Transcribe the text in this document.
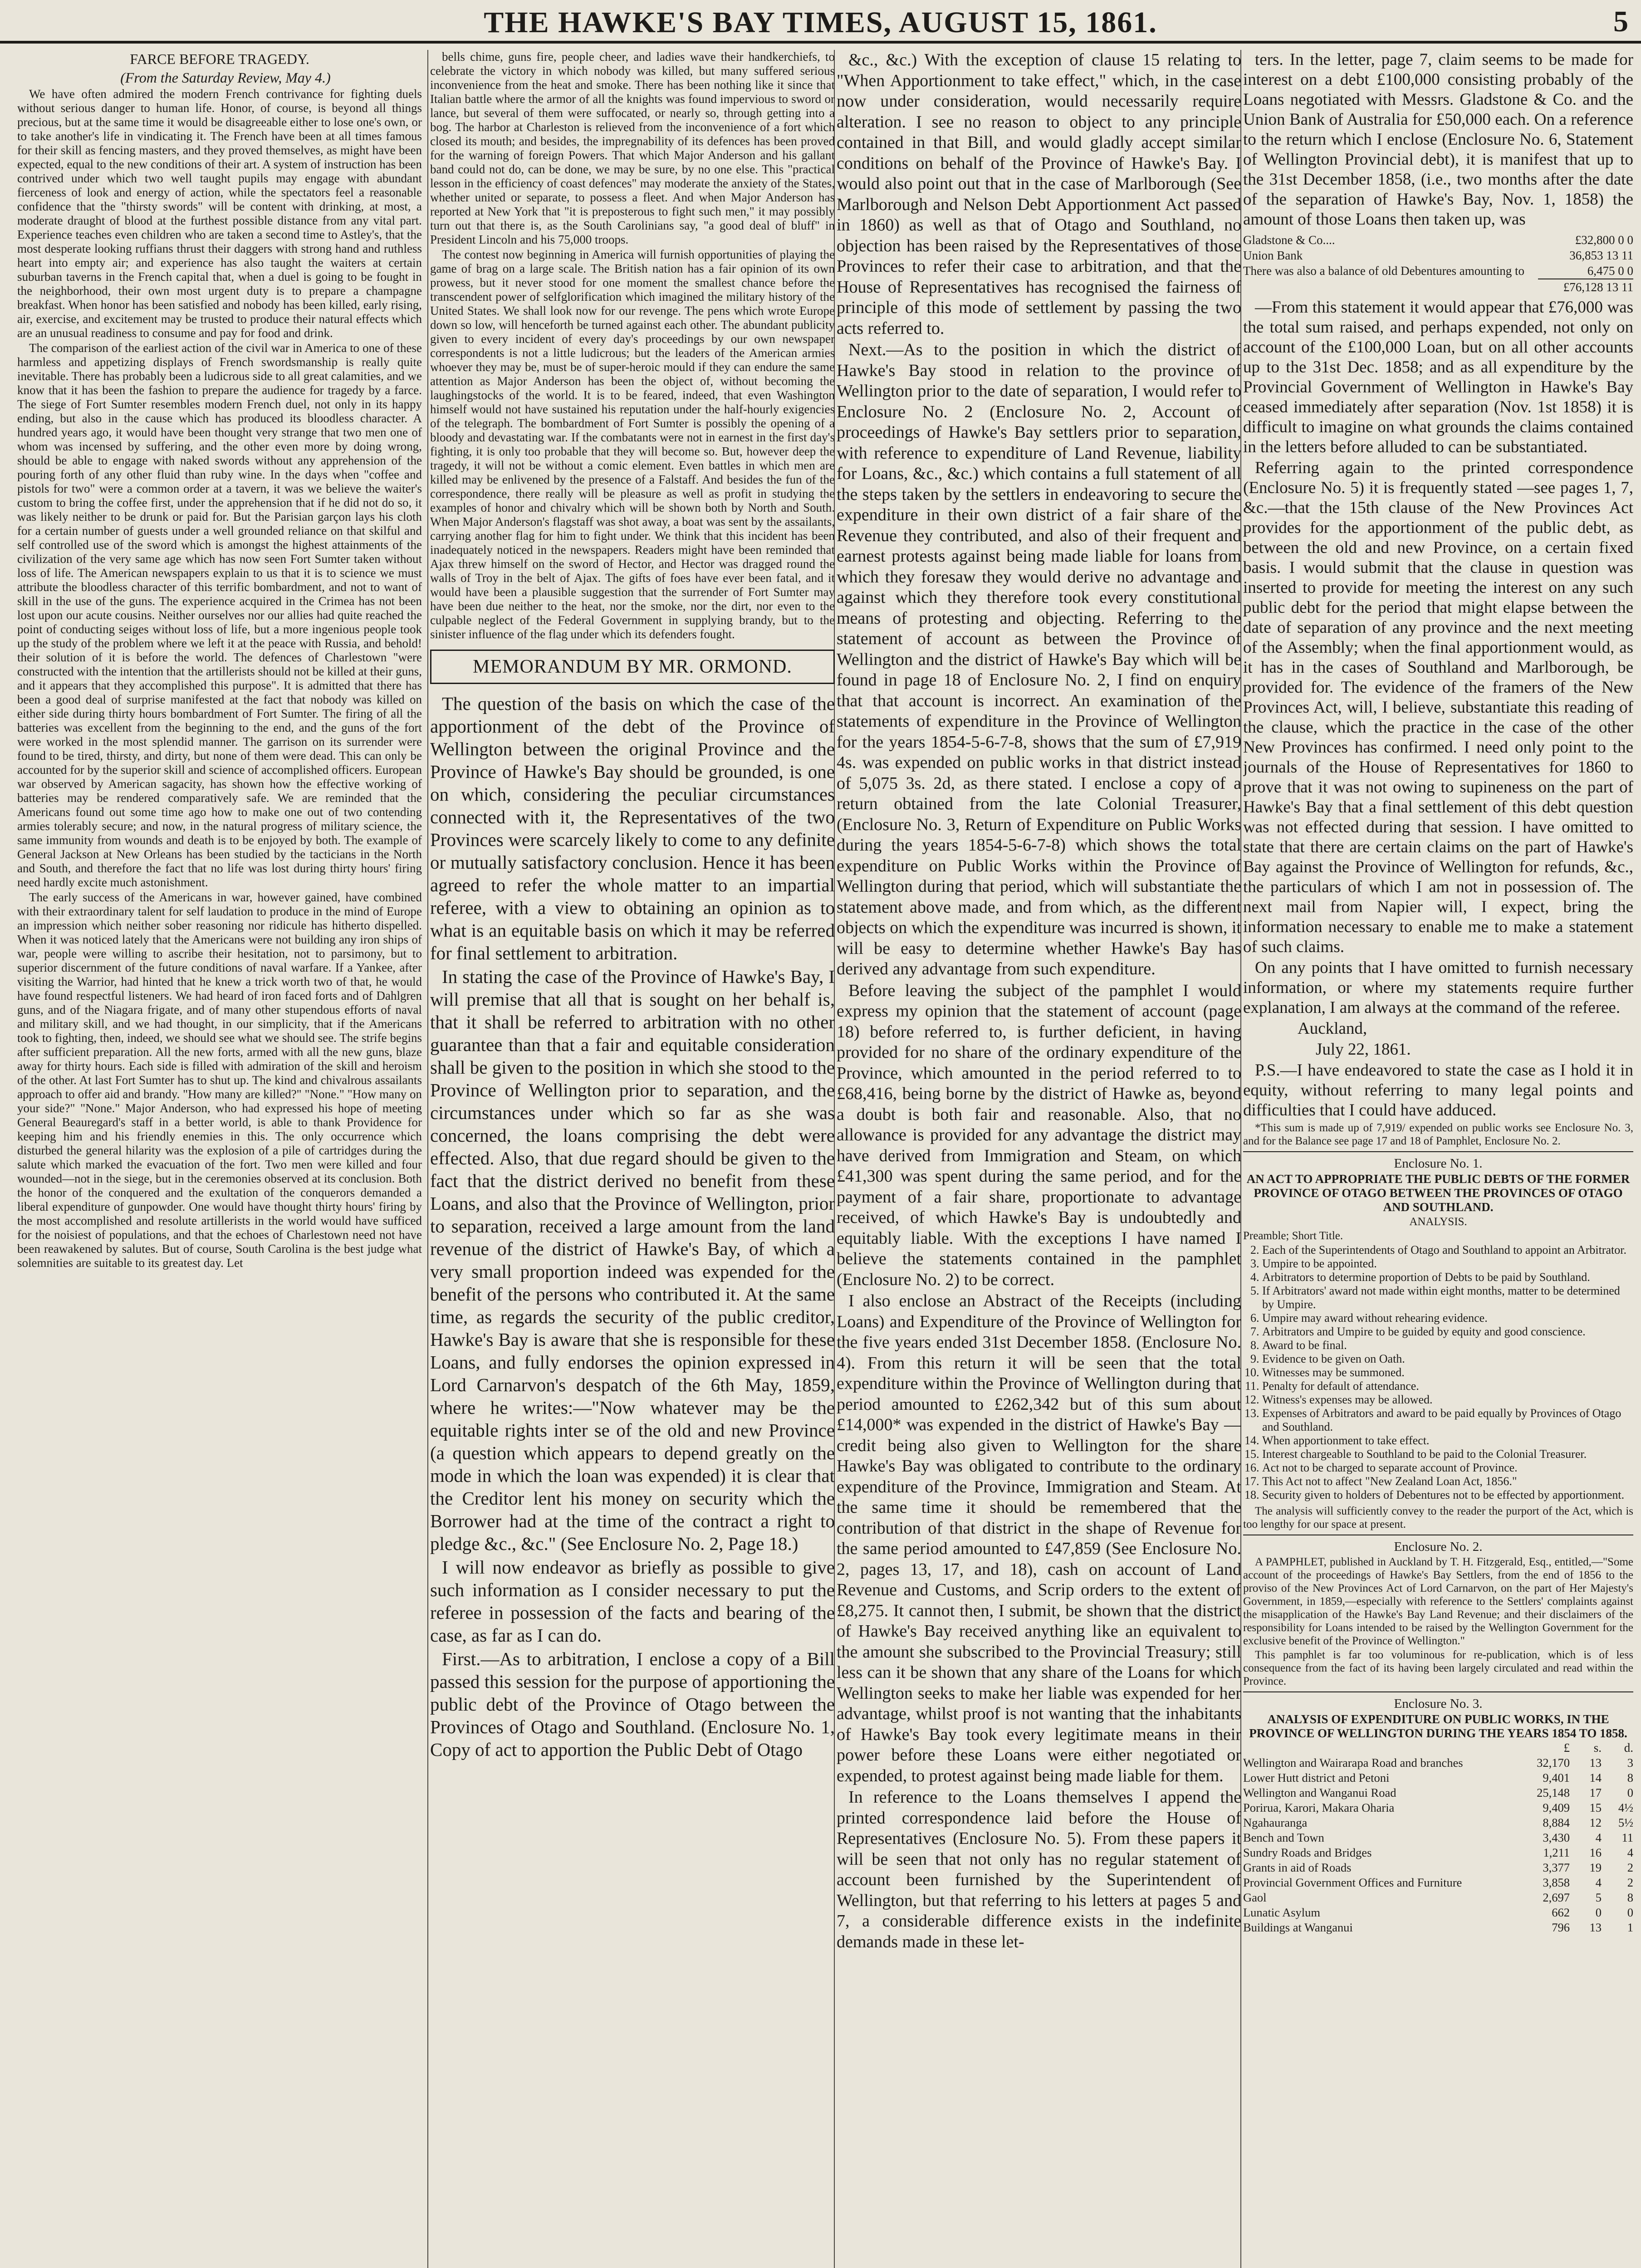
THE HAWKE'S BAY TIMES, AUGUST 15, 1861.	5

FARCE BEFORE TRAGEDY.

(From the Saturday Review, May 4.)

We have often admired the modern French contrivance for fighting duels without serious danger to human life. Honor, of course, is beyond all things precious, but at the same time it would be disagreeable either to lose one's own, or to take another's life in vindicating it. The French have been at all times famous for their skill as fencing masters, and they proved themselves, as might have been expected, equal to the new conditions of their art. A system of instruction has been contrived under which two well taught pupils may engage with abundant fierceness of look and energy of action, while the spectators feel a reasonable confidence that the "thirsty swords" will be content with drinking, at most, a moderate draught of blood at the furthest possible distance from any vital part. Experience teaches even children who are taken a second time to Astley's, that the most desperate looking ruffians thrust their daggers with strong hand and ruthless heart into empty air; and experience has also taught the waiters at certain suburban taverns in the French capital that, when a duel is going to be fought in the neighborhood, their own most urgent duty is to prepare a champagne breakfast. When honor has been satisfied and nobody has been killed, early rising, air, exercise, and excitement may be trusted to produce their natural effects which are an unusual readiness to consume and pay for food and drink.

The comparison of the earliest action of the civil war in America to one of these harmless and appetizing displays of French swordsmanship is really quite inevitable. There has probably been a ludicrous side to all great calamities, and we know that it has been the fashion to prepare the audience for tragedy by a farce. The siege of Fort Sumter resembles modern French duel, not only in its happy ending, but also in the cause which has produced its bloodless character. A hundred years ago, it would have been thought very strange that two men one of whom was incensed by suffering, and the other even more by doing wrong, should be able to engage with naked swords without any apprehension of the pouring forth of any other fluid than ruby wine. In the days when "coffee and pistols for two" were a common order at a tavern, it was we believe the waiter's custom to bring the coffee first, under the apprehension that if he did not do so, it was likely neither to be drunk or paid for. But the Parisian garçon lays his cloth for a certain number of guests under a well grounded reliance on that skilful and self controlled use of the sword which is amongst the highest attainments of the civilization of the very same age which has now seen Fort Sumter taken without loss of life. The American newspapers explain to us that it is to science we must attribute the bloodless character of this terrific bombardment, and not to want of skill in the use of the guns. The experience acquired in the Crimea has not been lost upon our acute cousins. Neither ourselves nor our allies had quite reached the point of conducting seiges without loss of life, but a more ingenious people took up the study of the problem where we left it at the peace with Russia, and behold! their solution of it is before the world. The defences of Charlestown "were constructed with the intention that the artillerists should not be killed at their guns, and it appears that they accomplished this purpose". It is admitted that there has been a good deal of surprise manifested at the fact that nobody was killed on either side during thirty hours bombardment of Fort Sumter. The firing of all the batteries was excellent from the beginning to the end, and the guns of the fort were worked in the most splendid manner. The garrison on its surrender were found to be tired, thirsty, and dirty, but none of them were dead. This can only be accounted for by the superior skill and science of accomplished officers. European war observed by American sagacity, has shown how the effective working of batteries may be rendered comparatively safe. We are reminded that the Americans found out some time ago how to make one out of two contending armies tolerably secure; and now, in the natural progress of military science, the same immunity from wounds and death is to be enjoyed by both. The example of General Jackson at New Orleans has been studied by the tacticians in the North and South, and therefore the fact that no life was lost during thirty hours' firing need hardly excite much astonishment.

The early success of the Americans in war, however gained, have combined with their extraordinary talent for self laudation to produce in the mind of Europe an impression which neither sober reasoning nor ridicule has hitherto dispelled. When it was noticed lately that the Americans were not building any iron ships of war, people were willing to ascribe their hesitation, not to parsimony, but to superior discernment of the future conditions of naval warfare. If a Yankee, after visiting the Warrior, had hinted that he knew a trick worth two of that, he would have found respectful listeners. We had heard of iron faced forts and of Dahlgren guns, and of the Niagara frigate, and of many other stupendous efforts of naval and military skill, and we had thought, in our simplicity, that if the Americans took to fighting, then, indeed, we should see what we should see. The strife begins after sufficient preparation. All the new forts, armed with all the new guns, blaze away for thirty hours. Each side is filled with admiration of the skill and heroism of the other. At last Fort Sumter has to shut up. The kind and chivalrous assailants approach to offer aid and brandy. "How many are killed?" "None." "How many on your side?" "None." Major Anderson, who had expressed his hope of meeting General Beauregard's staff in a better world, is able to thank Providence for keeping him and his friendly enemies in this. The only occurrence which disturbed the general hilarity was the explosion of a pile of cartridges during the salute which marked the evacuation of the fort. Two men were killed and four wounded—not in the siege, but in the ceremonies observed at its conclusion. Both the honor of the conquered and the exultation of the conquerors demanded a liberal expenditure of gunpowder. One would have thought thirty hours' firing by the most accomplished and resolute artillerists in the world would have sufficed for the noisiest of populations, and that the echoes of Charlestown need not have been reawakened by salutes. But of course, South Carolina is the best judge what solemnities are suitable to its greatest day. Let

bells chime, guns fire, people cheer, and ladies wave their handkerchiefs, to celebrate the victory in which nobody was killed, but many suffered serious inconvenience from the heat and smoke. There has been nothing like it since that Italian battle where the armor of all the knights was found impervious to sword or lance, but several of them were suffocated, or nearly so, through getting into a bog. The harbor at Charleston is relieved from the inconvenience of a fort which closed its mouth; and besides, the impregnability of its defences has been proved for the warning of foreign Powers. That which Major Anderson and his gallant band could not do, can be done, we may be sure, by no one else. This "practical lesson in the efficiency of coast defences" may moderate the anxiety of the States, whether united or separate, to possess a fleet. And when Major Anderson has reported at New York that "it is preposterous to fight such men," it may possibly turn out that there is, as the South Carolinians say, "a good deal of bluff" in President Lincoln and his 75,000 troops.

The contest now beginning in America will furnish opportunities of playing the game of brag on a large scale. The British nation has a fair opinion of its own prowess, but it never stood for one moment the smallest chance before the transcendent power of selfglorification which imagined the military history of the United States. We shall look now for our revenge. The pens which wrote Europe down so low, will henceforth be turned against each other. The abundant publicity given to every incident of every day's proceedings by our own newspaper correspondents is not a little ludicrous; but the leaders of the American armies whoever they may be, must be of super-heroic mould if they can endure the same attention as Major Anderson has been the object of, without becoming the laughingstocks of the world. It is to be feared, indeed, that even Washington himself would not have sustained his reputation under the half-hourly exigencies of the telegraph. The bombardment of Fort Sumter is possibly the opening of a bloody and devastating war. If the combatants were not in earnest in the first day's fighting, it is only too probable that they will become so. But, however deep the tragedy, it will not be without a comic element. Even battles in which men are killed may be enlivened by the presence of a Falstaff. And besides the fun of the correspondence, there really will be pleasure as well as profit in studying the examples of honor and chivalry which will be shown both by North and South. When Major Anderson's flagstaff was shot away, a boat was sent by the assailants, carrying another flag for him to fight under. We think that this incident has been inadequately noticed in the newspapers. Readers might have been reminded that Ajax threw himself on the sword of Hector, and Hector was dragged round the walls of Troy in the belt of Ajax. The gifts of foes have ever been fatal, and it would have been a plausible suggestion that the surrender of Fort Sumter may have been due neither to the heat, nor the smoke, nor the dirt, nor even to the culpable neglect of the Federal Government in supplying brandy, but to the sinister influence of the flag under which its defenders fought.

MEMORANDUM BY MR. ORMOND.

The question of the basis on which the case of the apportionment of the debt of the Province of Wellington between the original Province and the Province of Hawke's Bay should be grounded, is one on which, considering the peculiar circumstances connected with it, the Representatives of the two Provinces were scarcely likely to come to any definite or mutually satisfactory conclusion. Hence it has been agreed to refer the whole matter to an impartial referee, with a view to obtaining an opinion as to what is an equitable basis on which it may be referred for final settlement to arbitration.

In stating the case of the Province of Hawke's Bay, I will premise that all that is sought on her behalf is, that it shall be referred to arbitration with no other guarantee than that a fair and equitable consideration shall be given to the position in which she stood to the Province of Wellington prior to separation, and the circumstances under which so far as she was concerned, the loans comprising the debt were effected. Also, that due regard should be given to the fact that the district derived no benefit from these Loans, and also that the Province of Wellington, prior to separation, received a large amount from the land revenue of the district of Hawke's Bay, of which a very small proportion indeed was expended for the benefit of the persons who contributed it. At the same time, as regards the security of the public creditor, Hawke's Bay is aware that she is responsible for these Loans, and fully endorses the opinion expressed in Lord Carnarvon's despatch of the 6th May, 1859, where he writes:—"Now whatever may be the equitable rights inter se of the old and new Province (a question which appears to depend greatly on the mode in which the loan was expended) it is clear that the Creditor lent his money on security which the Borrower had at the time of the contract a right to pledge &c., &c." (See Enclosure No. 2, Page 18.)

I will now endeavor as briefly as possible to give such information as I consider necessary to put the referee in possession of the facts and bearing of the case, as far as I can do.

First.—As to arbitration, I enclose a copy of a Bill passed this session for the purpose of apportioning the public debt of the Province of Otago between the Provinces of Otago and Southland. (Enclosure No. 1, Copy of act to apportion the Public Debt of Otago

&c., &c.) With the exception of clause 15 relating to "When Apportionment to take effect," which, in the case now under consideration, would necessarily require alteration. I see no reason to object to any principle contained in that Bill, and would gladly accept similar conditions on behalf of the Province of Hawke's Bay. I would also point out that in the case of Marlborough (See Marlborough and Nelson Debt Apportionment Act passed in 1860) as well as that of Otago and Southland, no objection has been raised by the Representatives of those Provinces to refer their case to arbitration, and that the House of Representatives has recognised the fairness of principle of this mode of settlement by passing the two acts referred to.

Next.—As to the position in which the district of Hawke's Bay stood in relation to the province of Wellington prior to the date of separation, I would refer to Enclosure No. 2 (Enclosure No. 2, Account of proceedings of Hawke's Bay settlers prior to separation, with reference to expenditure of Land Revenue, liability for Loans, &c., &c.) which contains a full statement of all the steps taken by the settlers in endeavoring to secure the expenditure in their own district of a fair share of the Revenue they contributed, and also of their frequent and earnest protests against being made liable for loans from which they foresaw they would derive no advantage and against which they therefore took every constitutional means of protesting and objecting. Referring to the statement of account as between the Province of Wellington and the district of Hawke's Bay which will be found in page 18 of Enclosure No. 2, I find on enquiry that that account is incorrect. An examination of the statements of expenditure in the Province of Wellington for the years 1854-5-6-7-8, shows that the sum of £7,919 4s. was expended on public works in that district instead of 5,075 3s. 2d, as there stated. I enclose a copy of a return obtained from the late Colonial Treasurer, (Enclosure No. 3, Return of Expenditure on Public Works during the years 1854-5-6-7-8) which shows the total expenditure on Public Works within the Province of Wellington during that period, which will substantiate the statement above made, and from which, as the different objects on which the expenditure was incurred is shown, it will be easy to determine whether Hawke's Bay has derived any advantage from such expenditure.

Before leaving the subject of the pamphlet I would express my opinion that the statement of account (page 18) before referred to, is further deficient, in having provided for no share of the ordinary expenditure of the Province, which amounted in the period referred to to £68,416, being borne by the district of Hawke as, beyond a doubt is both fair and reasonable. Also, that no allowance is provided for any advantage the district may have derived from Immigration and Steam, on which £41,300 was spent during the same period, and for the payment of a fair share, proportionate to advantage received, of which Hawke's Bay is undoubtedly and equitably liable. With the exceptions I have named I believe the statements contained in the pamphlet (Enclosure No. 2) to be correct.

I also enclose an Abstract of the Receipts (including Loans) and Expenditure of the Province of Wellington for the five years ended 31st December 1858. (Enclosure No. 4). From this return it will be seen that the total expenditure within the Province of Wellington during that period amounted to £262,342 but of this sum about £14,000* was expended in the district of Hawke's Bay —credit being also given to Wellington for the share Hawke's Bay was obligated to contribute to the ordinary expenditure of the Province, Immigration and Steam. At the same time it should be remembered that the contribution of that district in the shape of Revenue for the same period amounted to £47,859 (See Enclosure No. 2, pages 13, 17, and 18), cash on account of Land Revenue and Customs, and Scrip orders to the extent of £8,275. It cannot then, I submit, be shown that the district of Hawke's Bay received anything like an equivalent to the amount she subscribed to the Provincial Treasury; still less can it be shown that any share of the Loans for which Wellington seeks to make her liable was expended for her advantage, whilst proof is not wanting that the inhabitants of Hawke's Bay took every legitimate means in their power before these Loans were either negotiated or expended, to protest against being made liable for them.

In reference to the Loans themselves I append the printed correspondence laid before the House of Representatives (Enclosure No. 5). From these papers it will be seen that not only has no regular statement of account been furnished by the Superintendent of Wellington, but that referring to his letters at pages 5 and 7, a considerable difference exists in the indefinite demands made in these let-

ters. In the letter, page 7, claim seems to be made for interest on a debt £100,000 consisting probably of the Loans negotiated with Messrs. Gladstone & Co. and the Union Bank of Australia for £50,000 each. On a reference to the return which I enclose (Enclosure No. 6, Statement of Wellington Provincial debt), it is manifest that up to the 31st December 1858, (i.e., two months after the date of the separation of Hawke's Bay, Nov. 1, 1858) the amount of those Loans then taken up, was

Gladstone & Co....	£32,800 0 0
Union Bank	36,853 13 11
There was also a balance of old Debentures amounting to	6,475 0 0
	£76,128 13 11

—From this statement it would appear that £76,000 was the total sum raised, and perhaps expended, not only on account of the £100,000 Loan, but on all other accounts up to the 31st Dec. 1858; and as all expenditure by the Provincial Government of Wellington in Hawke's Bay ceased immediately after separation (Nov. 1st 1858) it is difficult to imagine on what grounds the claims contained in the letters before alluded to can be substantiated.

Referring again to the printed correspondence (Enclosure No. 5) it is frequently stated —see pages 1, 7, &c.—that the 15th clause of the New Provinces Act provides for the apportionment of the public debt, as between the old and new Province, on a certain fixed basis. I would submit that the clause in question was inserted to provide for meeting the interest on any such public debt for the period that might elapse between the date of separation of any province and the next meeting of the Assembly; when the final apportionment would, as it has in the cases of Southland and Marlborough, be provided for. The evidence of the framers of the New Provinces Act, will, I believe, substantiate this reading of the clause, which the practice in the case of the other New Provinces has confirmed. I need only point to the journals of the House of Representatives for 1860 to prove that it was not owing to supineness on the part of Hawke's Bay that a final settlement of this debt question was not effected during that session. I have omitted to state that there are certain claims on the part of Hawke's Bay against the Province of Wellington for refunds, &c., the particulars of which I am not in possession of. The next mail from Napier will, I expect, bring the information necessary to enable me to make a statement of such claims.

On any points that I have omitted to furnish necessary information, or where my statements require further explanation, I am always at the command of the referee.

Auckland,

July 22, 1861.

P.S.—I have endeavored to state the case as I hold it in equity, without referring to many legal points and difficulties that I could have adduced.

*This sum is made up of 7,919/ expended on public works see Enclosure No. 3, and for the Balance see page 17 and 18 of Pamphlet, Enclosure No. 2.

Enclosure No. 1.

AN ACT TO APPROPRIATE THE PUBLIC DEBTS OF THE FORMER PROVINCE OF OTAGO BETWEEN THE PROVINCES OF OTAGO AND SOUTHLAND.

ANALYSIS.

Preamble; Short Title.

2. Each of the Superintendents of Otago and Southland to appoint an Arbitrator.
3. Umpire to be appointed.
4. Arbitrators to determine proportion of Debts to be paid by Southland.
5. If Arbitrators' award not made within eight months, matter to be determined by Umpire.
6. Umpire may award without rehearing evidence.
7. Arbitrators and Umpire to be guided by equity and good conscience.
8. Award to be final.
9. Evidence to be given on Oath.
10. Witnesses may be summoned.
11. Penalty for default of attendance.
12. Witness's expenses may be allowed.
13. Expenses of Arbitrators and award to be paid equally by Provinces of Otago and Southland.
14. When apportionment to take effect.
15. Interest chargeable to Southland to be paid to the Colonial Treasurer.
16. Act not to be charged to separate account of Province.
17. This Act not to affect "New Zealand Loan Act, 1856."
18. Security given to holders of Debentures not to be effected by apportionment.

The analysis will sufficiently convey to the reader the purport of the Act, which is too lengthy for our space at present.

Enclosure No. 2.

A PAMPHLET, published in Auckland by T. H. Fitzgerald, Esq., entitled,—"Some account of the proceedings of Hawke's Bay Settlers, from the end of 1856 to the proviso of the New Provinces Act of Lord Carnarvon, on the part of Her Majesty's Government, in 1859,—especially with reference to the Settlers' complaints against the misapplication of the Hawke's Bay Land Revenue; and their disclaimers of the responsibility for Loans intended to be raised by the Wellington Government for the exclusive benefit of the Province of Wellington."

This pamphlet is far too voluminous for re-publication, which is of less consequence from the fact of its having been largely circulated and read within the Province.

Enclosure No. 3.

ANALYSIS OF EXPENDITURE ON PUBLIC WORKS, IN THE PROVINCE OF WELLINGTON DURING THE YEARS 1854 TO 1858.

	£	s.	d.
Wellington and Wairarapa Road and branches	32,170	13	3
Lower Hutt district and Petoni	9,401	14	8
Wellington and Wanganui Road	25,148	17	0
Porirua, Karori, Makara Oharia	9,409	15	4½
Ngahauranga	8,884	12	5½
Bench and Town	3,430	4	11
Sundry Roads and Bridges	1,211	16	4
Grants in aid of Roads	3,377	19	2
Provincial Government Offices and Furniture	3,858	4	2
Gaol	2,697	5	8
Lunatic Asylum	662	0	0
Buildings at Wanganui	796	13	1
